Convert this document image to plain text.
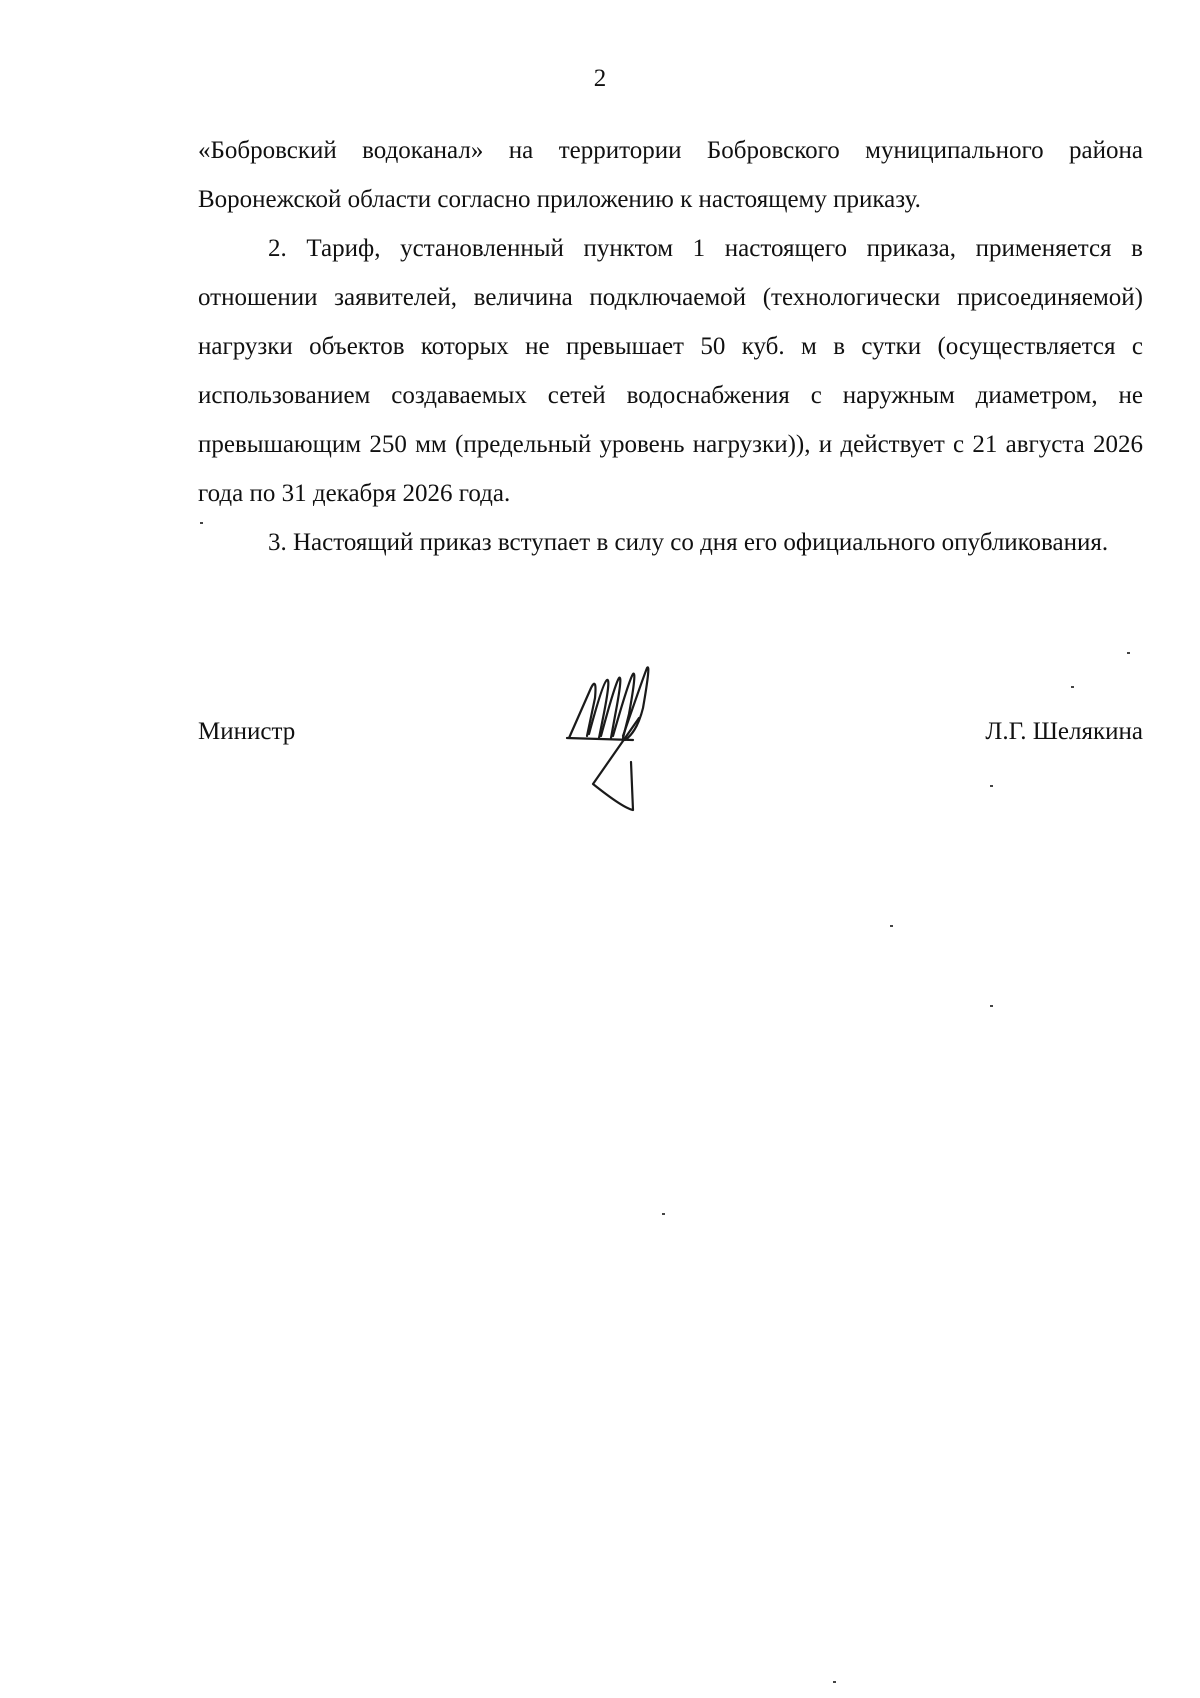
2

«Бобровский водоканал» на территории Бобровского муниципального района Воронежской области согласно приложению к настоящему приказу.

2. Тариф, установленный пунктом 1 настоящего приказа, применяется в отношении заявителей, величина подключаемой (технологически присоединяемой) нагрузки объектов которых не превышает 50 куб. м в сутки (осуществляется с использованием создаваемых сетей водоснабжения с наружным диаметром, не превышающим 250 мм (предельный уровень нагрузки)), и действует с 21 августа 2026 года по 31 декабря 2026 года.

3. Настоящий приказ вступает в силу со дня его официального опубликования.

Министр	Л.Г. Шелякина
